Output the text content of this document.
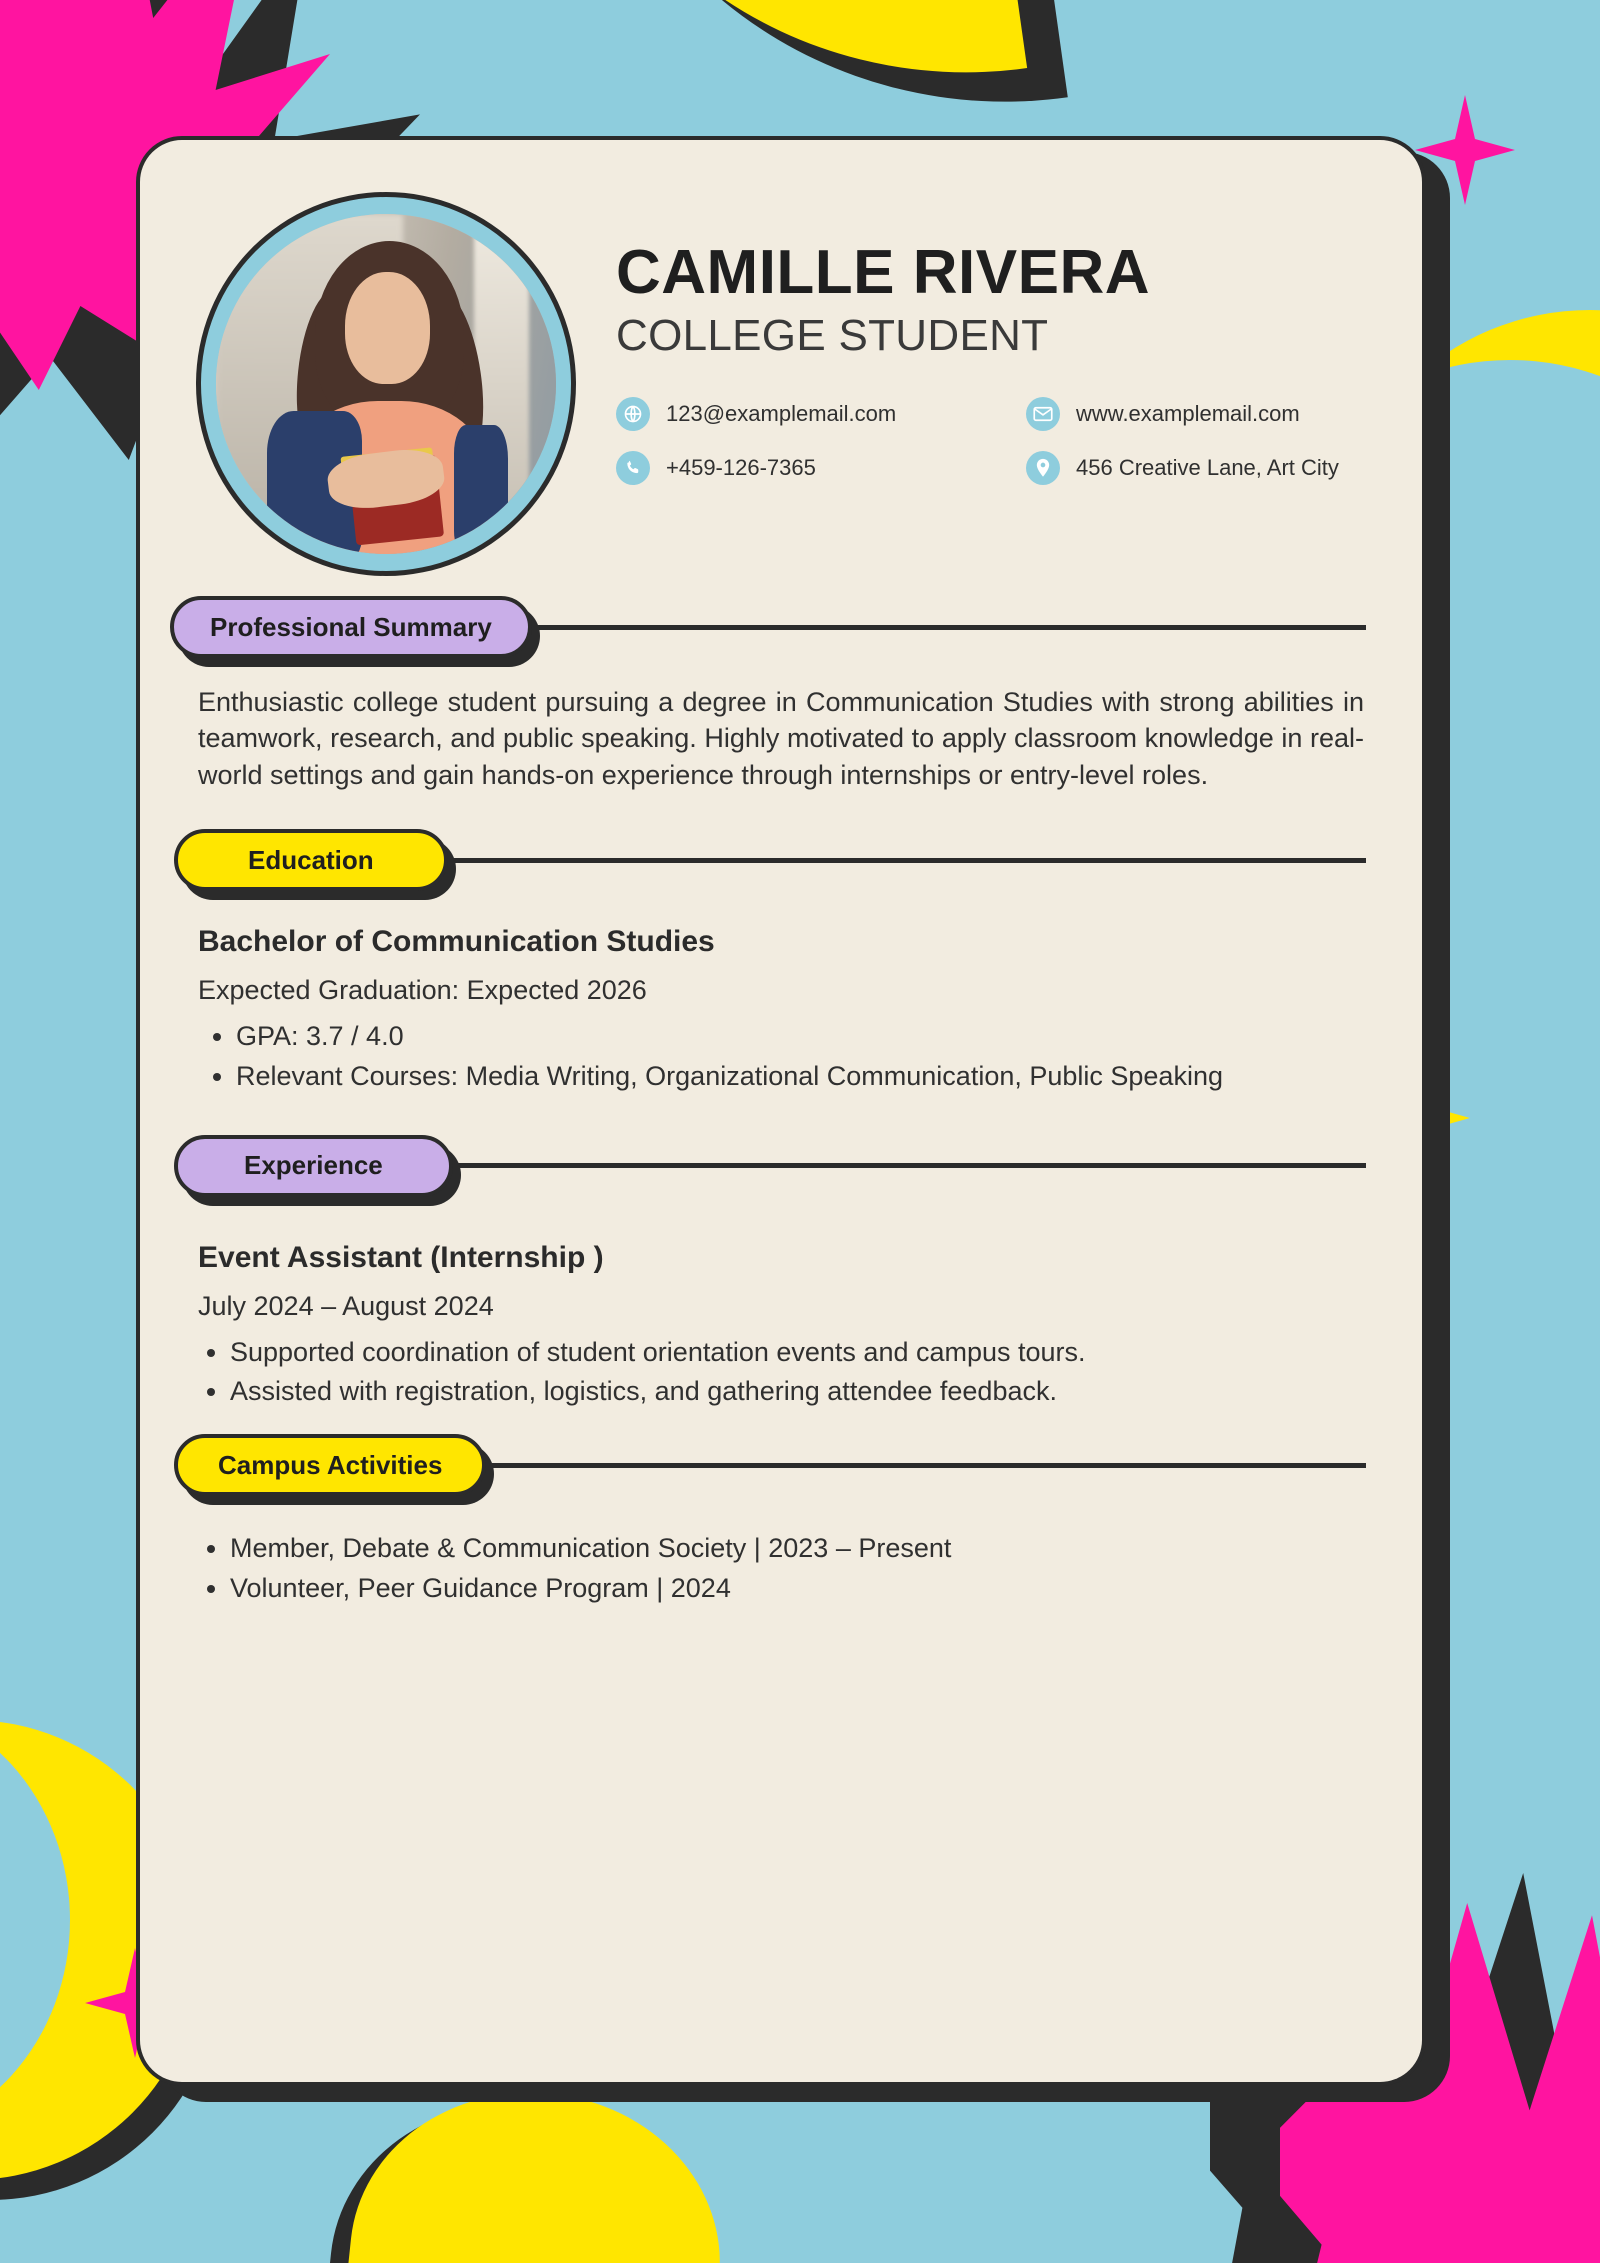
CAMILLE RIVERA
COLLEGE STUDENT
123@examplemail.com	www.examplemail.com
+459-126-7365	456 Creative Lane, Art City
Professional Summary

Enthusiastic college student pursuing a degree in Communication Studies with strong abilities in teamwork, research, and public speaking. Highly motivated to apply classroom knowledge in real-world settings and gain hands-on experience through internships or entry-level roles.

Education
Bachelor of Communication Studies
Expected Graduation: Expected 2026
• GPA: 3.7 / 4.0
• Relevant Courses: Media Writing, Organizational Communication, Public Speaking
Experience
Event Assistant (Internship )
July 2024 – August 2024
• Supported coordination of student orientation events and campus tours.
• Assisted with registration, logistics, and gathering attendee feedback.
Campus Activities
• Member, Debate & Communication Society | 2023 – Present
• Volunteer, Peer Guidance Program | 2024
